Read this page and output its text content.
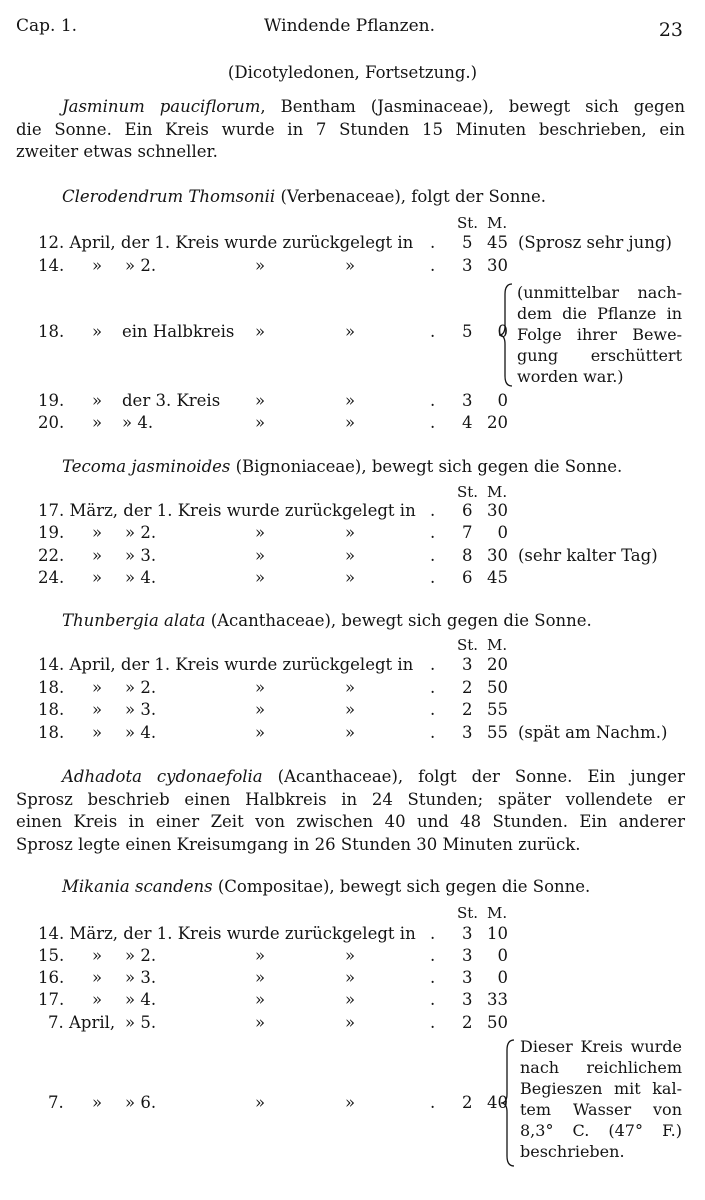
Cap. 1.	Windende Pflanzen.	23
(Dicotyledonen, Fortsetzung.)
Jasminum pauciflorum, Bentham (Jasminaceae), bewegt sich gegen
die Sonne. Ein Kreis wurde in 7 Stunden 15 Minuten beschrieben, ein
zweiter etwas schneller.
Clerodendrum Thomsonii (Verbenaceae), folgt der Sonne.
St. M.
12. April, der 1. Kreis wurde zurückgelegt in . 5 45 (Sprosz sehr jung)
14. » » 2.	»	»	. 3 30
18. » ein Halbkreis »	»	. 5	0
19. » der 3. Kreis »	»	. 3	0
20. » » 4.	»	»	. 4 20
(unmittelbar nach-
dem die Pflanze in
Folge ihrer Bewe-
gung erschüttert
worden war.)
Tecoma jasminoides (Bignoniaceae), bewegt sich gegen die Sonne.
St. M.
17. März, der 1. Kreis wurde zurückgelegt in . 6 30
19. » » 2.	»	»	. 7	0
22. » » 3.	»	»	. 8 30 (sehr kalter Tag)
24. » » 4.	»	»	. 6 45
Thunbergia alata (Acanthaceae), bewegt sich gegen die Sonne.
St. M.
14. April, der 1. Kreis wurde zurückgelegt in . 3 20
18. » » 2.	»	»	. 2 50
18. » » 3.	»	»	. 2 55
18. » » 4.	»	»	. 3 55 (spät am Nachm.)
Adhadota cydonaefolia (Acanthaceae), folgt der Sonne. Ein junger
Sprosz beschrieb einen Halbkreis in 24 Stunden; später vollendete er
einen Kreis in einer Zeit von zwischen 40 und 48 Stunden. Ein anderer
Sprosz legte einen Kreisumgang in 26 Stunden 30 Minuten zurück.
Mikania scandens (Compositae), bewegt sich gegen die Sonne.
St. M.
14. März, der 1. Kreis wurde zurückgelegt in . 3 10
15. » » 2.	»	»	. 3	0
16. » » 3.	»	»	. 3	0
17. » » 4.	»	»	. 3 33
7. April, » 5.	»	»	. 2 50
7. » » 6.	»	»	. 2 40
Dieser Kreis wurde
nach reichlichem
Begieszen mit kal-
tem Wasser von
8,3° C. (47° F.)
beschrieben.
